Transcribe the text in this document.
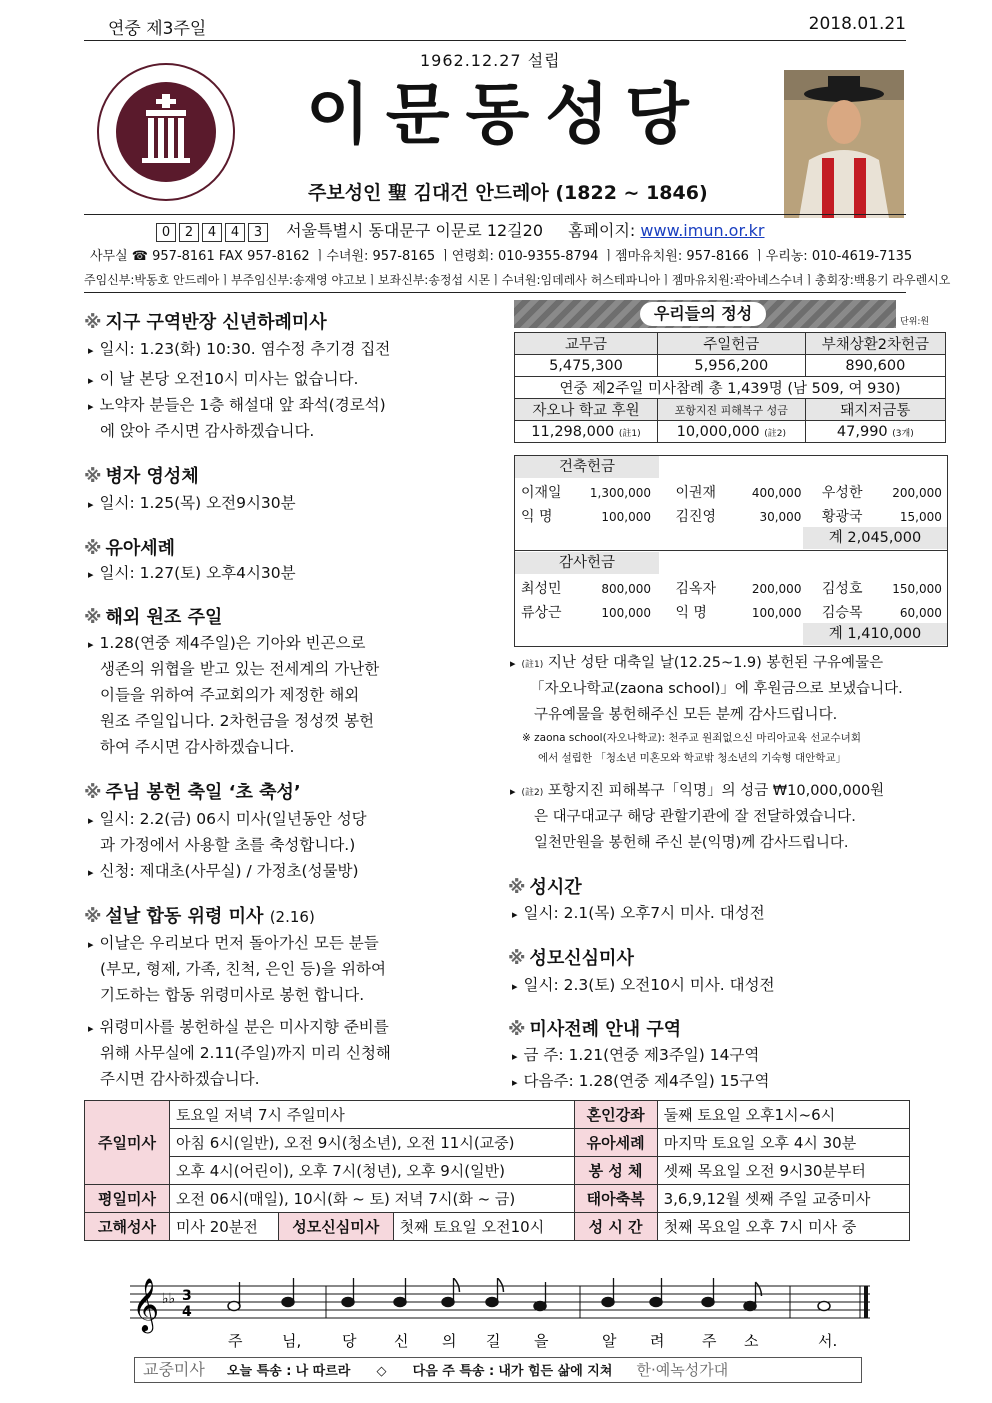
연중 제3주일	2018.01.21
1962.12.27 설립
이문동성당
주보성인 聖 김대건 안드레아 (1822 ~ 1846)
0 2 4 4 3 서울특별시 동대문구 이문로 12길20 홈페이지: www.imun.or.kr
사무실 ☎ 957-8161 FAX 957-8162 ㅣ수녀원: 957-8165 ㅣ연령회: 010-9355-8794 ㅣ젬마유치원: 957-8166 ㅣ우리농: 010-4619-7135
주임신부:박동호 안드레아ㅣ부주임신부:송재영 야고보ㅣ보좌신부:송정섭 시몬ㅣ수녀원:임데레사 허스테파니아ㅣ젬마유치원:곽아녜스수녀ㅣ총회장:백용기 라우렌시오
※ 지구 구역반장 신년하례미사
▸ 일시: 1.23(화) 10:30. 염수정 추기경 집전
▸ 이 날 본당 오전10시 미사는 없습니다.
▸ 노약자 분들은 1층 해설대 앞 좌석(경로석)
에 앉아 주시면 감사하겠습니다.
※ 병자 영성체
▸ 일시: 1.25(목) 오전9시30분
※ 유아세례
▸ 일시: 1.27(토) 오후4시30분
※ 해외 원조 주일
▸ 1.28(연중 제4주일)은 기아와 빈곤으로
생존의 위협을 받고 있는 전세계의 가난한
이들을 위하여 주교회의가 제정한 해외
원조 주일입니다. 2차헌금을 정성껏 봉헌
하여 주시면 감사하겠습니다.
※ 주님 봉헌 축일 ‘초 축성’
▸ 일시: 2.2(금) 06시 미사(일년동안 성당
과 가정에서 사용할 초를 축성합니다.)
▸ 신청: 제대초(사무실) / 가정초(성물방)
※ 설날 합동 위령 미사 (2.16)
▸ 이날은 우리보다 먼저 돌아가신 모든 분들
(부모, 형제, 가족, 친척, 은인 등)을 위하여
기도하는 합동 위령미사로 봉헌 합니다.
▸ 위령미사를 봉헌하실 분은 미사지향 준비를
위해 사무실에 2.11(주일)까지 미리 신청해
주시면 감사하겠습니다.
우리들의 정성	단위:원
교무금	주일헌금	부채상환2차헌금
5,475,300	5,956,200	890,600
연중 제2주일 미사참례 총 1,439명 (남 509, 여 930)		
자오나 학교 후원	포항지진 피해복구 성금	돼지저금통
11,298,000 (註1)	10,000,000 (註2)	47,990 (3개)
건축헌금
이재일 1,300,000 이권재	400,000 우성한 200,000
익 명	100,000 김진영	30,000 황광국	15,000
계 2,045,000
감사헌금
최성민	800,000 김옥자	200,000 김성호 150,000
류상근	100,000 익 명	100,000 김승목	60,000
계 1,410,000
▸ (註1) 지난 성탄 대축일 날(12.25~1.9) 봉헌된 구유예물은
「자오나학교(zaona school)」에 후원금으로 보냈습니다.
구유예물을 봉헌해주신 모든 분께 감사드립니다.
※ zaona school(자오나학교): 천주교 원죄없으신 마리아교육 선교수녀회
에서 설립한 「청소년 미혼모와 학교밖 청소년의 기숙형 대안학교」
▸ (註2) 포항지진 피해복구「익명」의 성금 ₩10,000,000원
은 대구대교구 해당 관할기관에 잘 전달하였습니다.
일천만원을 봉헌해 주신 분(익명)께 감사드립니다.
※ 성시간
▸ 일시: 2.1(목) 오후7시 미사. 대성전
※ 성모신심미사
▸ 일시: 2.3(토) 오전10시 미사. 대성전
※ 미사전례 안내 구역
▸ 금 주: 1.21(연중 제3주일) 14구역
▸ 다음주: 1.28(연중 제4주일) 15구역
주일미사	토요일 저녁 7시 주일미사			혼인강좌	둘째 토요일 오후1시~6시
	아침 6시(일반), 오전 9시(청소년), 오전 11시(교중)			유아세례	마지막 토요일 오후 4시 30분
	오후 4시(어린이), 오후 7시(청년), 오후 9시(일반)			봉 성 체	셋째 목요일 오전 9시30분부터
평일미사	오전 06시(매일), 10시(화 ~ 토) 저녁 7시(화 ~ 금)			태아축복	3,6,9,12월 셋째 주일 교중미사
고해성사	미사 20분전	성모신심미사	첫째 토요일 오전10시	성 시 간	첫째 목요일 오후 7시 미사 중
𝄞 ♭♭ 3
4
주	님,	당	신 의 길 을	알 려	주 소	서.
교중미사 오늘 특송 : 나 따르라 ◇ 다음 주 특송 : 내가 힘든 삶에 지쳐 한·예녹성가대
